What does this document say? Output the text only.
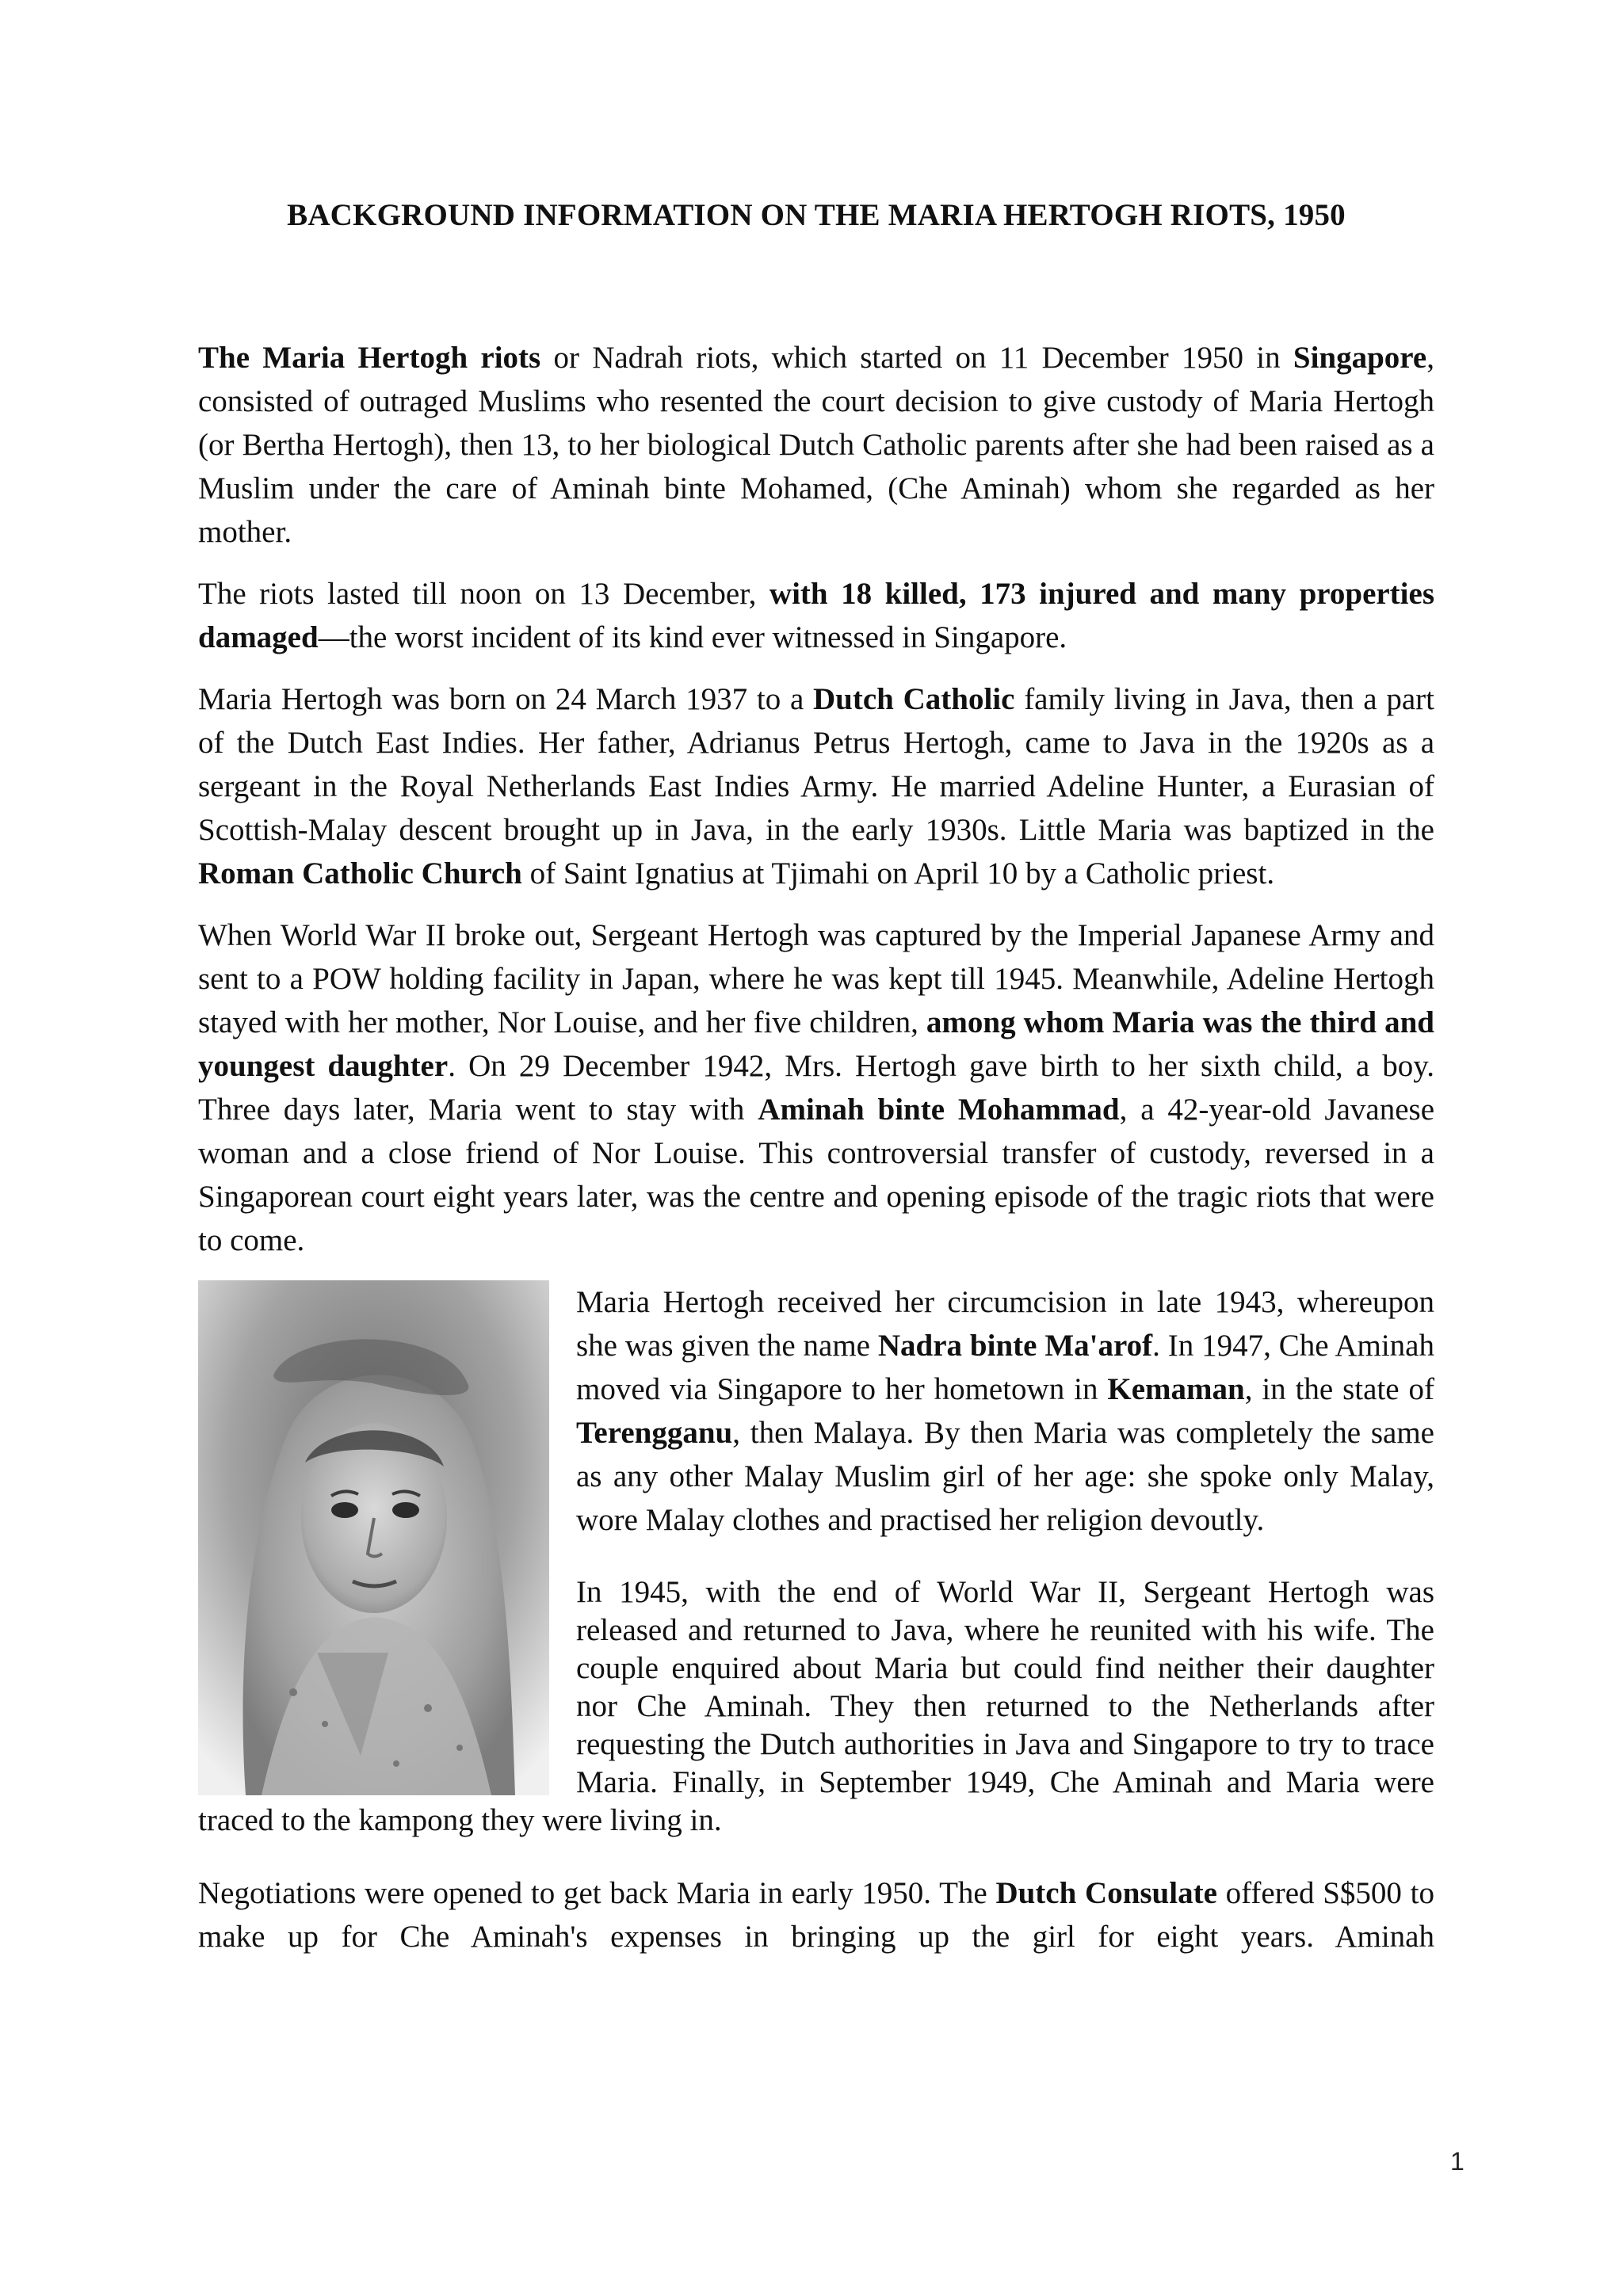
BACKGROUND INFORMATION ON THE MARIA HERTOGH RIOTS, 1950

The Maria Hertogh riots or Nadrah riots, which started on 11 December 1950 in Singapore, consisted of outraged Muslims who resented the court decision to give custody of Maria Hertogh (or Bertha Hertogh), then 13, to her biological Dutch Catholic parents after she had been raised as a Muslim under the care of Aminah binte Mohamed, (Che Aminah) whom she regarded as her mother.

The riots lasted till noon on 13 December, with 18 killed, 173 injured and many properties damaged—the worst incident of its kind ever witnessed in Singapore.

Maria Hertogh was born on 24 March 1937 to a Dutch Catholic family living in Java, then a part of the Dutch East Indies. Her father, Adrianus Petrus Hertogh, came to Java in the 1920s as a sergeant in the Royal Netherlands East Indies Army. He married Adeline Hunter, a Eurasian of Scottish-Malay descent brought up in Java, in the early 1930s. Little Maria was baptized in the Roman Catholic Church of Saint Ignatius at Tjimahi on April 10 by a Catholic priest.

When World War II broke out, Sergeant Hertogh was captured by the Imperial Japanese Army and sent to a POW holding facility in Japan, where he was kept till 1945. Meanwhile, Adeline Hertogh stayed with her mother, Nor Louise, and her five children, among whom Maria was the third and youngest daughter. On 29 December 1942, Mrs. Hertogh gave birth to her sixth child, a boy. Three days later, Maria went to stay with Aminah binte Mohammad, a 42-year-old Javanese woman and a close friend of Nor Louise. This controversial transfer of custody, reversed in a Singaporean court eight years later, was the centre and opening episode of the tragic riots that were to come.

Maria Hertogh received her circumcision in late 1943, whereupon she was given the name Nadra binte Ma'arof. In 1947, Che Aminah moved via Singapore to her hometown in Kemaman, in the state of Terengganu, then Malaya. By then Maria was completely the same as any other Malay Muslim girl of her age: she spoke only Malay, wore Malay clothes and practised her religion devoutly.

In 1945, with the end of World War II, Sergeant Hertogh was released and returned to Java, where he reunited with his wife. The couple enquired about Maria but could find neither their daughter nor Che Aminah. They then returned to the Netherlands after requesting the Dutch authorities in Java and Singapore to try to trace Maria. Finally, in September 1949, Che Aminah and Maria were traced to the kampong they were living in.

Negotiations were opened to get back Maria in early 1950. The Dutch Consulate offered S$500 to make up for Che Aminah's expenses in bringing up the girl for eight years. Aminah

1
